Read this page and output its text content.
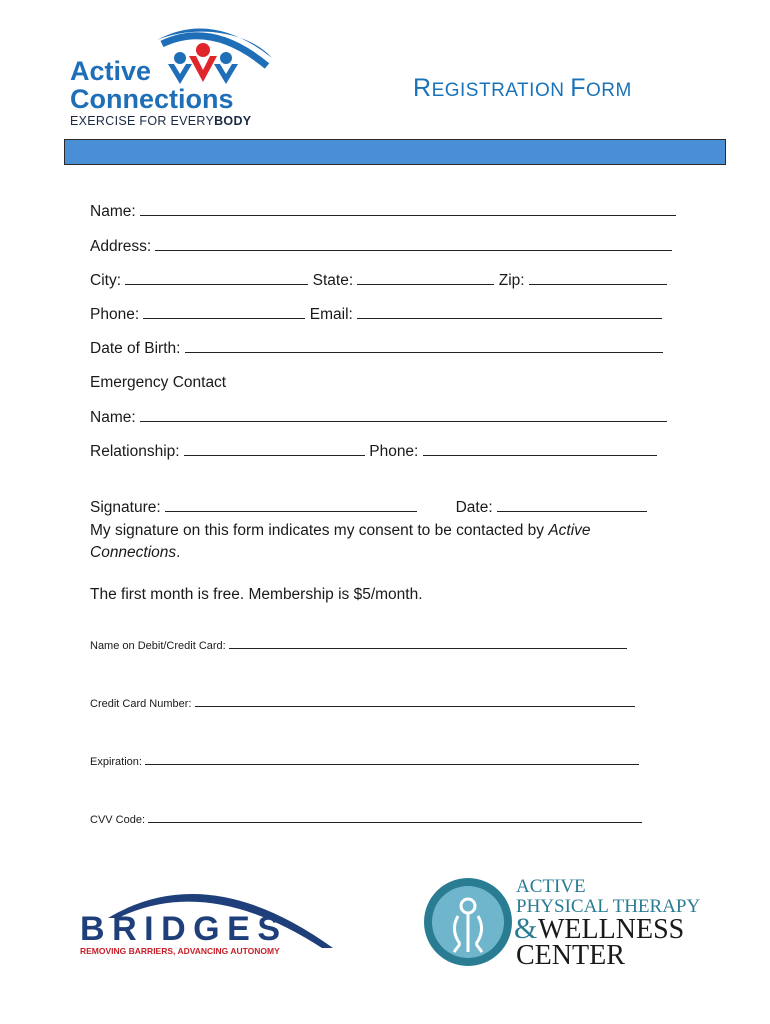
Active
Connections
EXERCISE FOR EVERYBODY
REGISTRATION FORM
Name:
Address:
City:	State:	Zip:
Phone:	Email:
Date of Birth:
Emergency Contact
Name:
Relationship:	Phone:
Signature:	Date:
My signature on this form indicates my consent to be contacted by Active Connections.
The first month is free. Membership is $5/month.
Name on Debit/Credit Card:
Credit Card Number:
Expiration:
CVV Code:
BRIDGES
REMOVING BARRIERS, ADVANCING AUTONOMY
ACTIVE
PHYSICAL THERAPY
& WELLNESS
CENTER
